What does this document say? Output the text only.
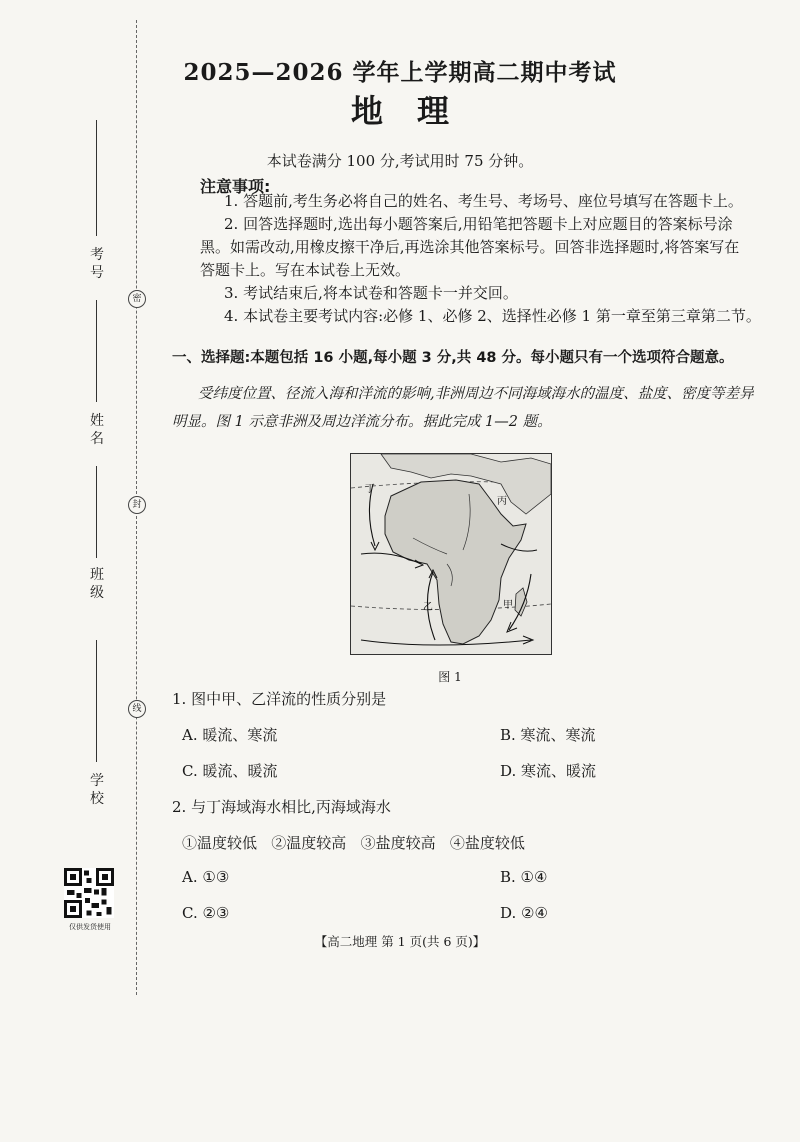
密
封
线
考号
姓名
班级
学校
仅供发货使用
2025—2026 学年上学期高二期中考试
地理
本试卷满分 100 分,考试用时 75 分钟。
注意事项:
1. 答题前,考生务必将自己的姓名、考生号、考场号、座位号填写在答题卡上。
2. 回答选择题时,选出每小题答案后,用铅笔把答题卡上对应题目的答案标号涂黑。如需改动,用橡皮擦干净后,再选涂其他答案标号。回答非选择题时,将答案写在答题卡上。写在本试卷上无效。
3. 考试结束后,将本试卷和答题卡一并交回。
4. 本试卷主要考试内容:必修 1、必修 2、选择性必修 1 第一章至第三章第二节。
一、选择题:本题包括 16 小题,每小题 3 分,共 48 分。每小题只有一个选项符合题意。
受纬度位置、径流入海和洋流的影响,非洲周边不同海域海水的温度、盐度、密度等差异明显。图 1 示意非洲及周边洋流分布。据此完成 1—2 题。
丁
丙
乙	甲
图 1
1. 图中甲、乙洋流的性质分别是
A. 暖流、寒流	B. 寒流、寒流
C. 暖流、暖流	D. 寒流、暖流
2. 与丁海域海水相比,丙海域海水
①温度较低   ②温度较高   ③盐度较高   ④盐度较低
A. ①③	B. ①④
C. ②③	D. ②④
【高二地理 第 1 页(共 6 页)】
